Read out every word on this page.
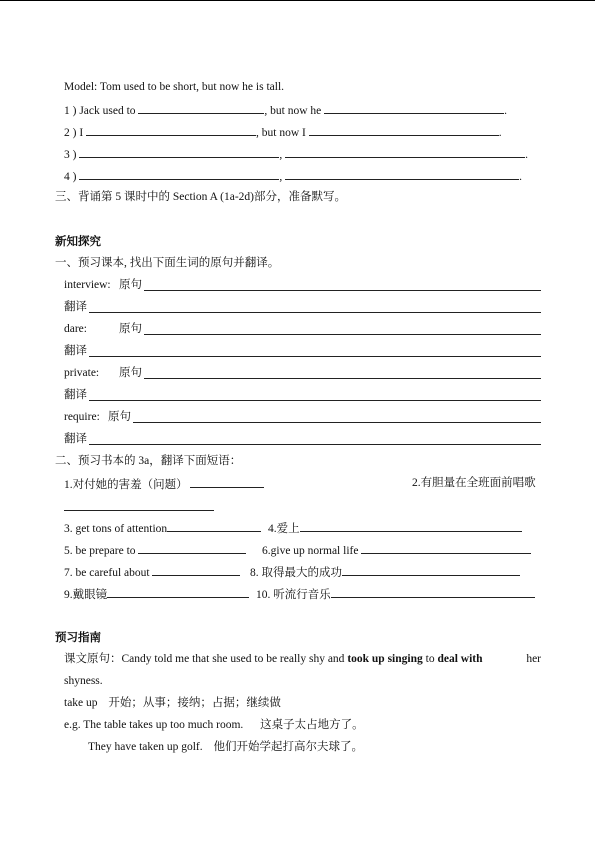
Model: Tom used to be short, but now he is tall.
1 ) Jack used to	, but now he	.
2 ) I	, but now I	.
3 )	,	.
4 )	,	.
三、背诵第 5 课时中的 Section A (1a-2d)部分，准备默写。
新知探究
一、预习课本, 找出下面生词的原句并翻译。
interview: 原句
翻译
dare:	原句
翻译
private: 原句
翻译
require: 原句
翻译
二、预习书本的 3a，翻译下面短语：
1.对付她的害羞（问题）	2.有胆量在全班面前唱歌
3. get tons of attention	4.爱上
5. be prepare to	6.give up normal life
7. be careful about	8. 取得最大的成功
9.戴眼镜	10. 听流行音乐
预习指南
课文原句：Candy told me that she used to be really shy and took up singing to deal with	her
shyness.
take up 开始；从事；接纳；占据；继续做
e.g. The table takes up too much room. 这桌子太占地方了。
They have taken up golf. 他们开始学起打高尔夫球了。
